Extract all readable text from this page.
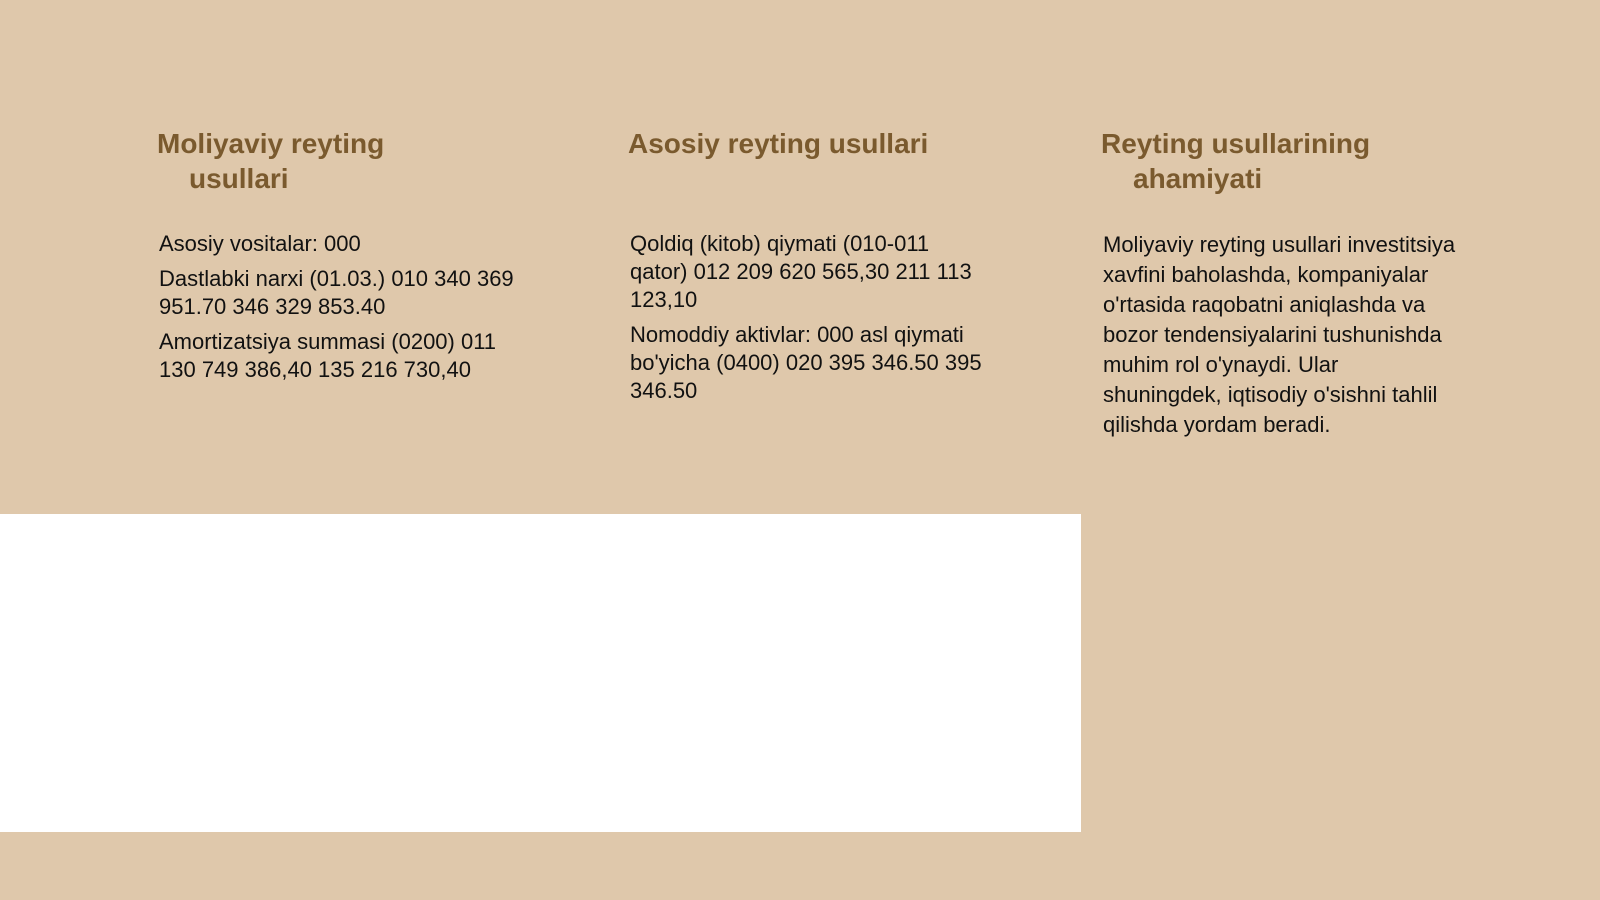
Moliyaviy reyting
usullari

Asosiy vositalar: 000

Dastlabki narxi (01.03.) 010 340 369 951.70 346 329 853.40

Amortizatsiya summasi (0200) 011 130 749 386,40 135 216 730,40

Asosiy reyting usullari

Qoldiq (kitob) qiymati (010-011 qator) 012 209 620 565,30 211 113 123,10

Nomoddiy aktivlar: 000 asl qiymati bo'yicha (0400) 020 395 346.50 395 346.50

Reyting usullarining
ahamiyati

Moliyaviy reyting usullari investitsiya xavfini baholashda, kompaniyalar o'rtasida raqobatni aniqlashda va bozor tendensiyalarini tushunishda muhim rol o'ynaydi. Ular shuningdek, iqtisodiy o'sishni tahlil qilishda yordam beradi.
